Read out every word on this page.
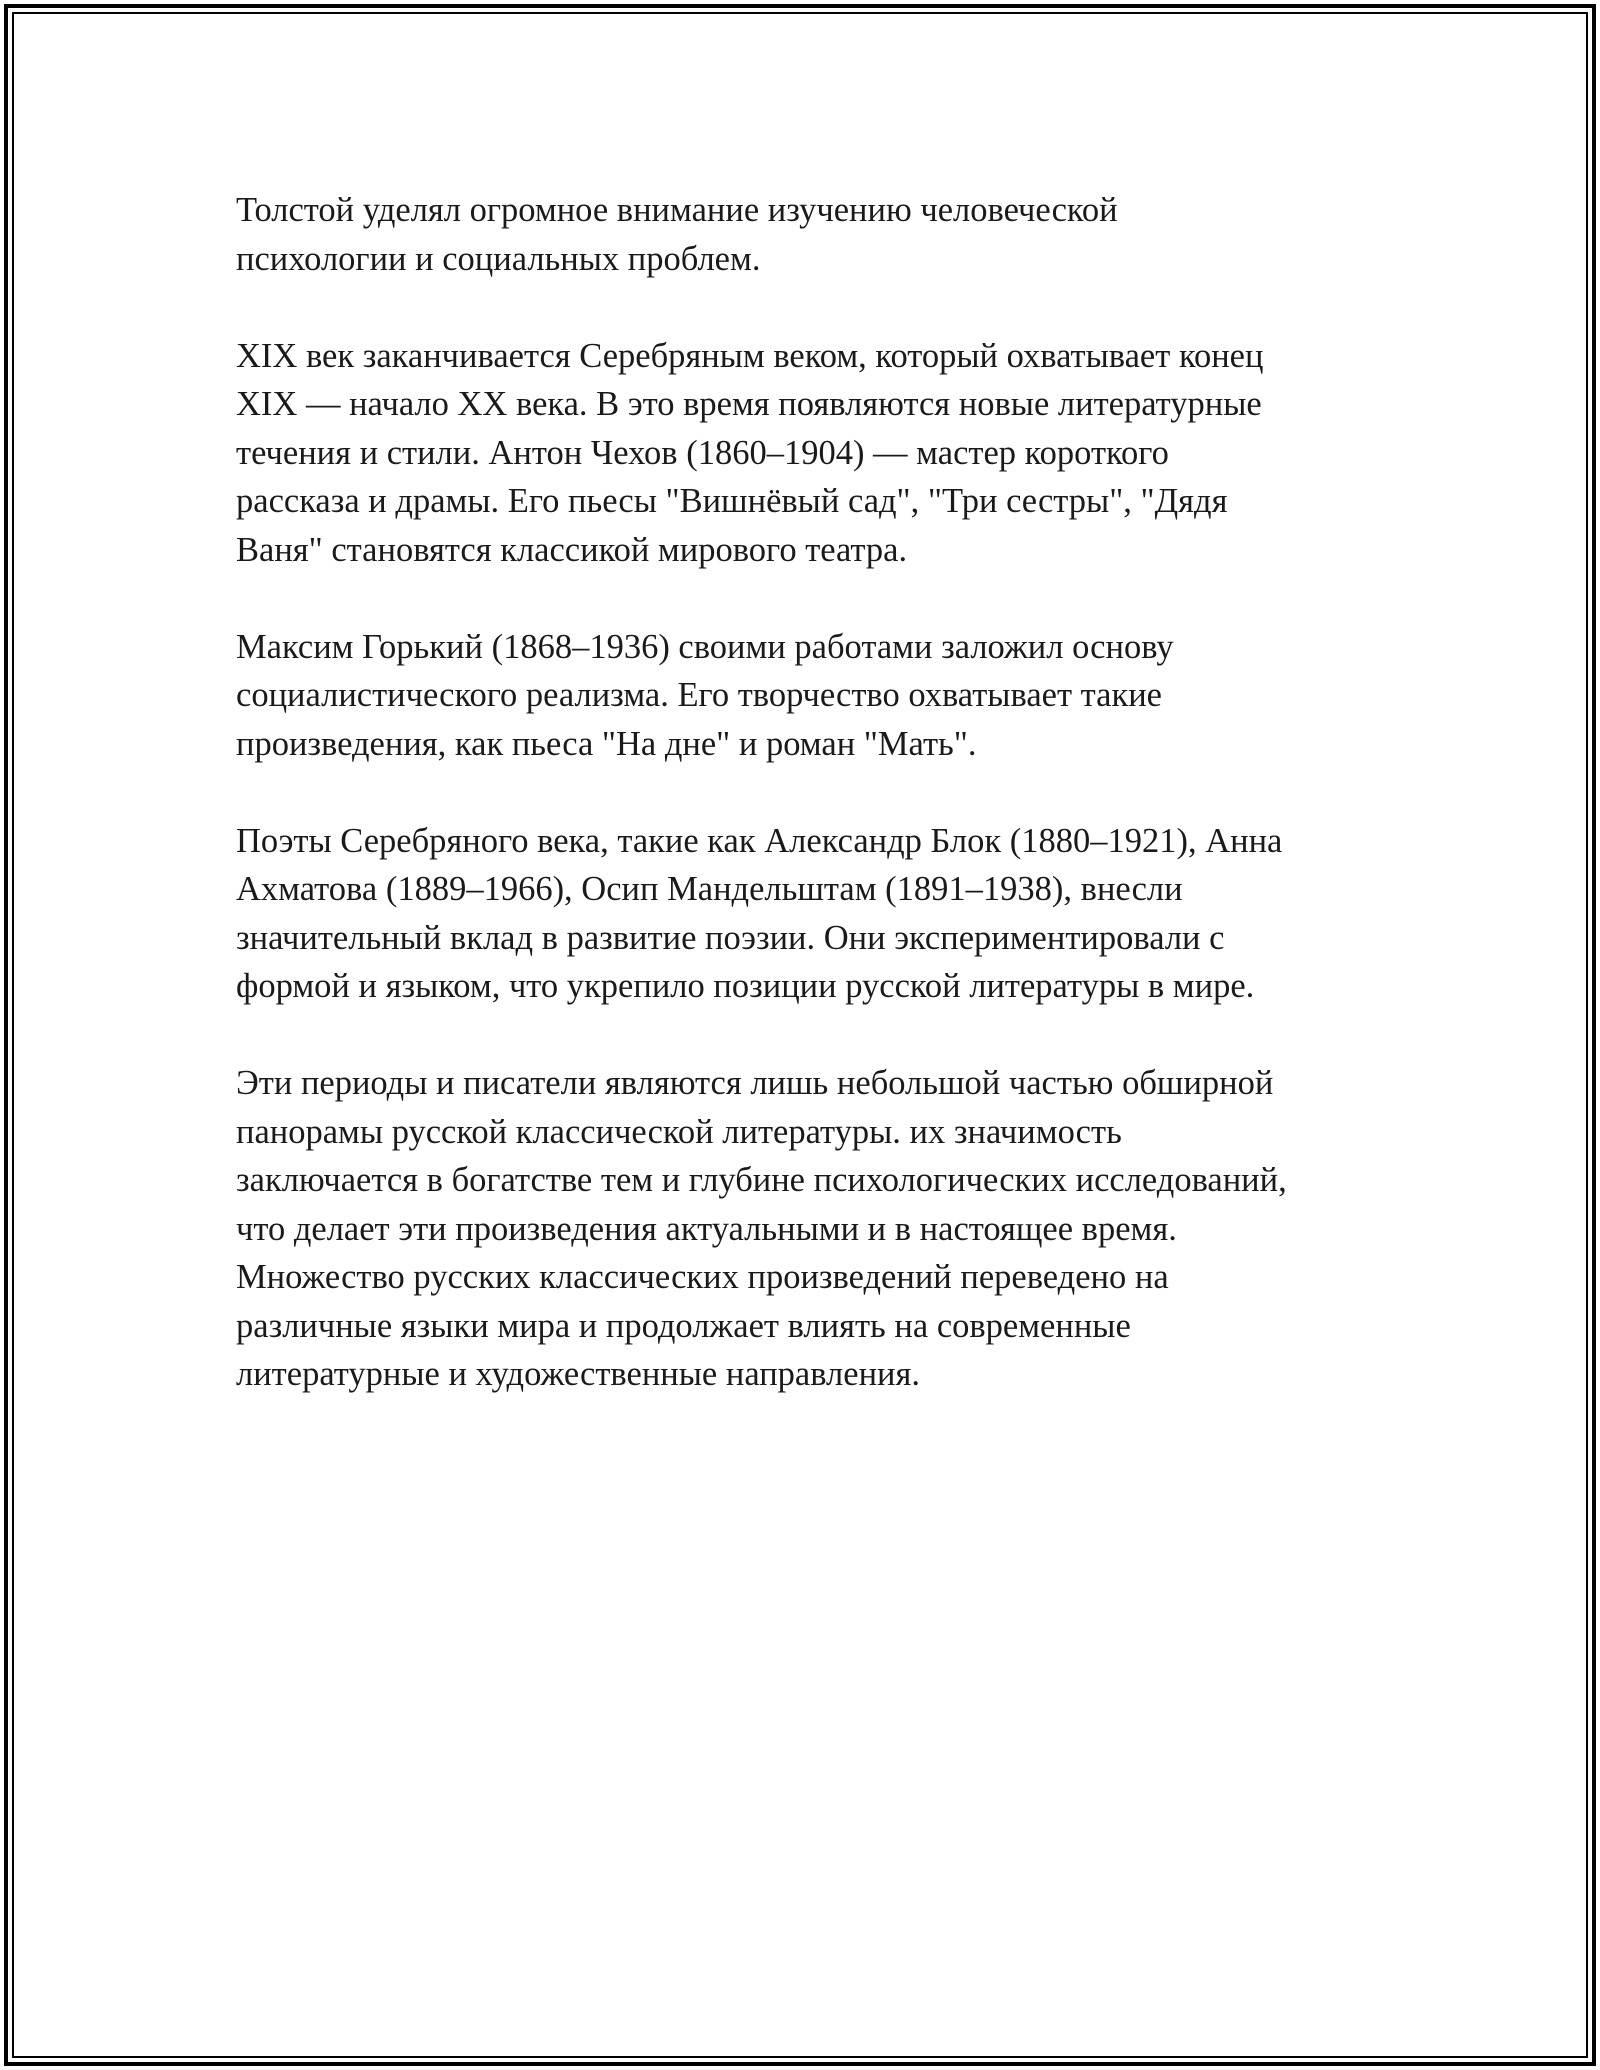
Толстой уделял огромное внимание изучению человеческой
психологии и социальных проблем.

XIX век заканчивается Серебряным веком, который охватывает конец
XIX — начало XX века. В это время появляются новые литературные
течения и стили. Антон Чехов (1860–1904) — мастер короткого
рассказа и драмы. Его пьесы "Вишнёвый сад", "Три сестры", "Дядя
Ваня" становятся классикой мирового театра.

Максим Горький (1868–1936) своими работами заложил основу
социалистического реализма. Его творчество охватывает такие
произведения, как пьеса "На дне" и роман "Мать".

Поэты Серебряного века, такие как Александр Блок (1880–1921), Анна
Ахматова (1889–1966), Осип Мандельштам (1891–1938), внесли
значительный вклад в развитие поэзии. Они экспериментировали с
формой и языком, что укрепило позиции русской литературы в мире.

Эти периоды и писатели являются лишь небольшой частью обширной
панорамы русской классической литературы. их значимость
заключается в богатстве тем и глубине психологических исследований,
что делает эти произведения актуальными и в настоящее время.
Множество русских классических произведений переведено на
различные языки мира и продолжает влиять на современные
литературные и художественные направления.
